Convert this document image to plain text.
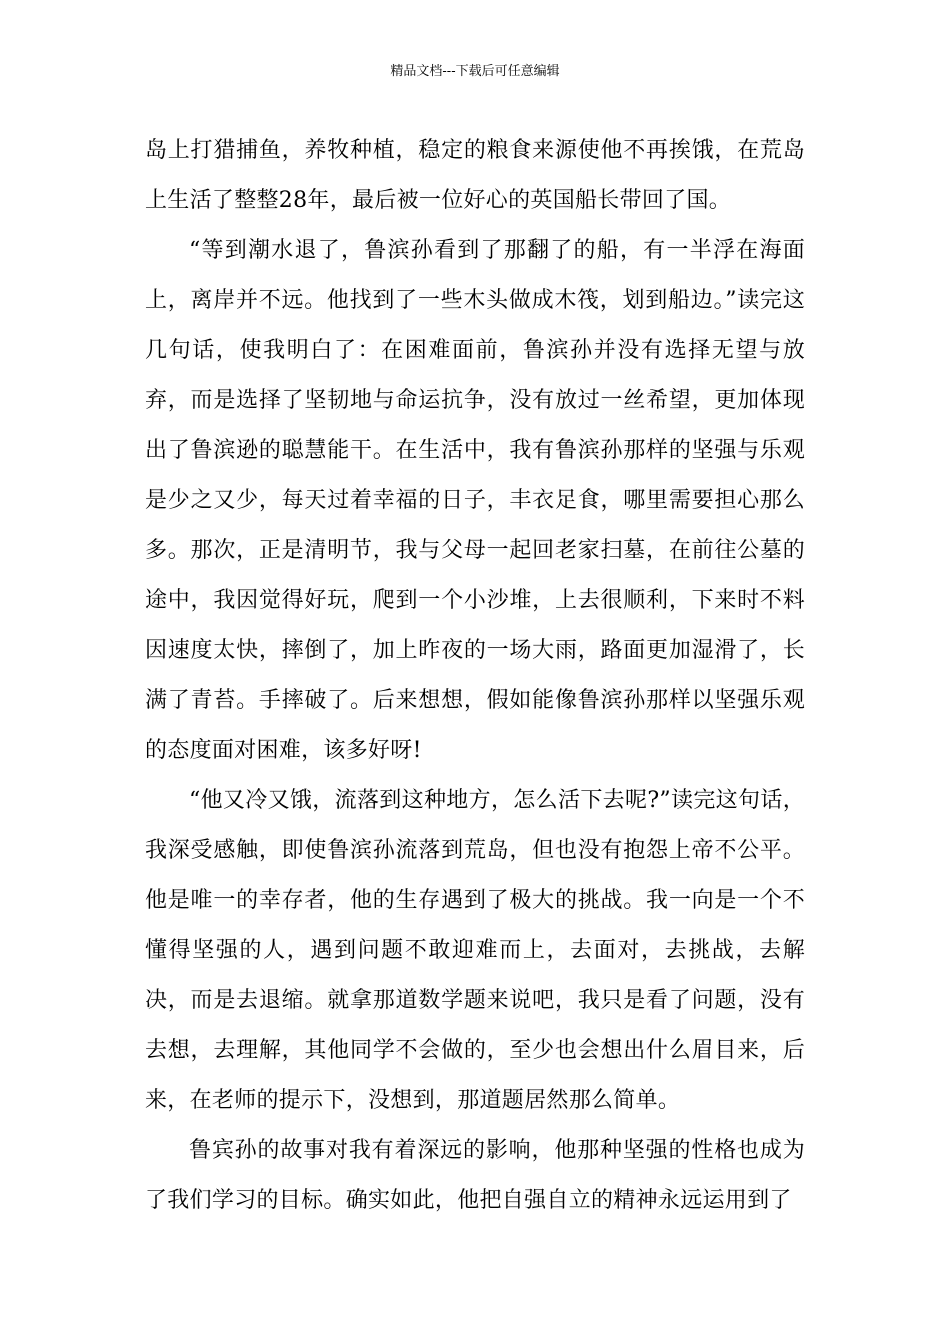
精品文档---下载后可任意编辑

岛上打猎捕鱼，养牧种植，稳定的粮食来源使他不再挨饿，在荒岛上生活了整整28年，最后被一位好心的英国船长带回了国。

“等到潮水退了，鲁滨孙看到了那翻了的船，有一半浮在海面上，离岸并不远。他找到了一些木头做成木筏，划到船边。”读完这几句话，使我明白了：在困难面前，鲁滨孙并没有选择无望与放弃，而是选择了坚韧地与命运抗争，没有放过一丝希望，更加体现出了鲁滨逊的聪慧能干。在生活中，我有鲁滨孙那样的坚强与乐观是少之又少，每天过着幸福的日子，丰衣足食，哪里需要担心那么多。那次，正是清明节，我与父母一起回老家扫墓，在前往公墓的途中，我因觉得好玩，爬到一个小沙堆，上去很顺利，下来时不料因速度太快，摔倒了，加上昨夜的一场大雨，路面更加湿滑了，长满了青苔。手摔破了。后来想想，假如能像鲁滨孙那样以坚强乐观的态度面对困难，该多好呀!

“他又冷又饿，流落到这种地方，怎么活下去呢?”读完这句话，我深受感触，即使鲁滨孙流落到荒岛，但也没有抱怨上帝不公平。他是唯一的幸存者，他的生存遇到了极大的挑战。我一向是一个不懂得坚强的人，遇到问题不敢迎难而上，去面对，去挑战，去解决，而是去退缩。就拿那道数学题来说吧，我只是看了问题，没有去想，去理解，其他同学不会做的，至少也会想出什么眉目来，后来，在老师的提示下，没想到，那道题居然那么简单。

鲁宾孙的故事对我有着深远的影响，他那种坚强的性格也成为了我们学习的目标。确实如此，他把自强自立的精神永远运用到了
